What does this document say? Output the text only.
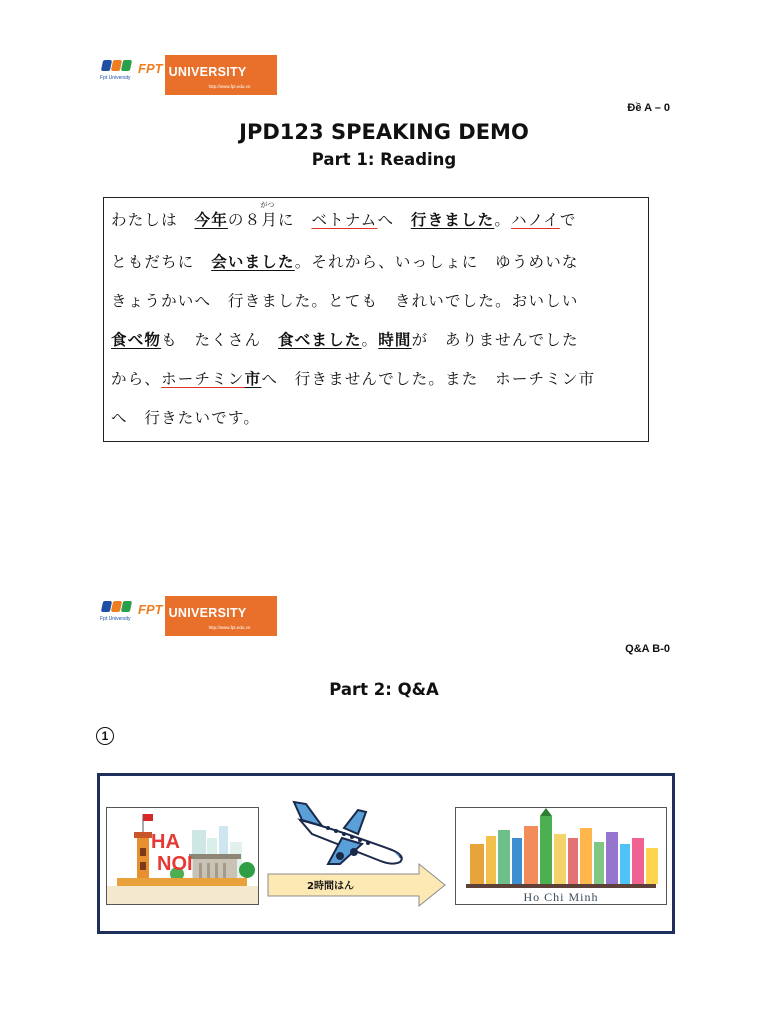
Fpt University
FPT UNIVERSITY
http://www.fpt.edu.vn
Đề A – 0
JPD123 SPEAKING DEMO
Part 1: Reading
わたしは　今年の８月
がつ
に　ベトナムへ　行きました。ハノイで
ともだちに　会いました。それから、いっしょに　ゆうめいな
きょうかいへ　行きました。とても　きれいでした。おいしい
食べ物も　たくさん　食べました。時間が　ありませんでした
から、ホーチミン市へ　行きませんでした。また　ホーチミン市
へ　行きたいです。
Fpt University
FPT UNIVERSITY
http://www.fpt.edu.vn
Q&A B-0
Part 2: Q&A
1
HA
NOI
2時間はん
Ho Chi Minh
